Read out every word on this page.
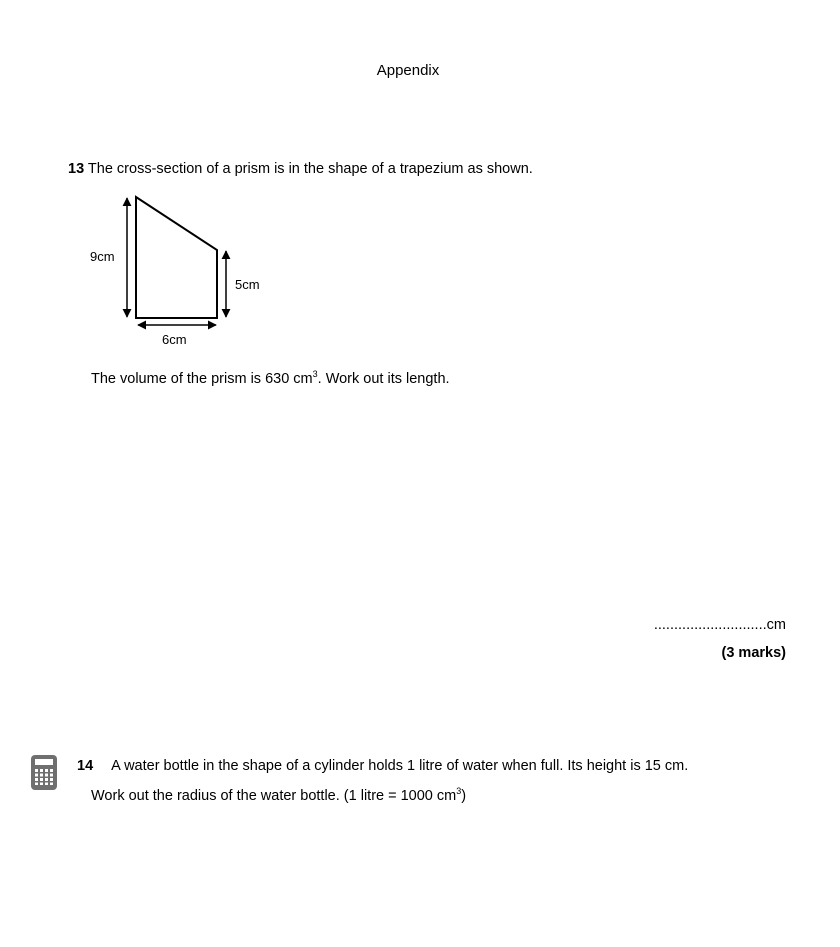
Appendix
13 The cross-section of a prism is in the shape of a trapezium as shown.
9cm
5cm
6cm
The volume of the prism is 630 $cm^3$. Work out its length.
............................cm
(3 marks)
14 A water bottle in the shape of a cylinder holds 1 litre of water when full. Its height is 15 cm.
Work out the radius of the water bottle. (1 litre = 1000 $cm^3$)
